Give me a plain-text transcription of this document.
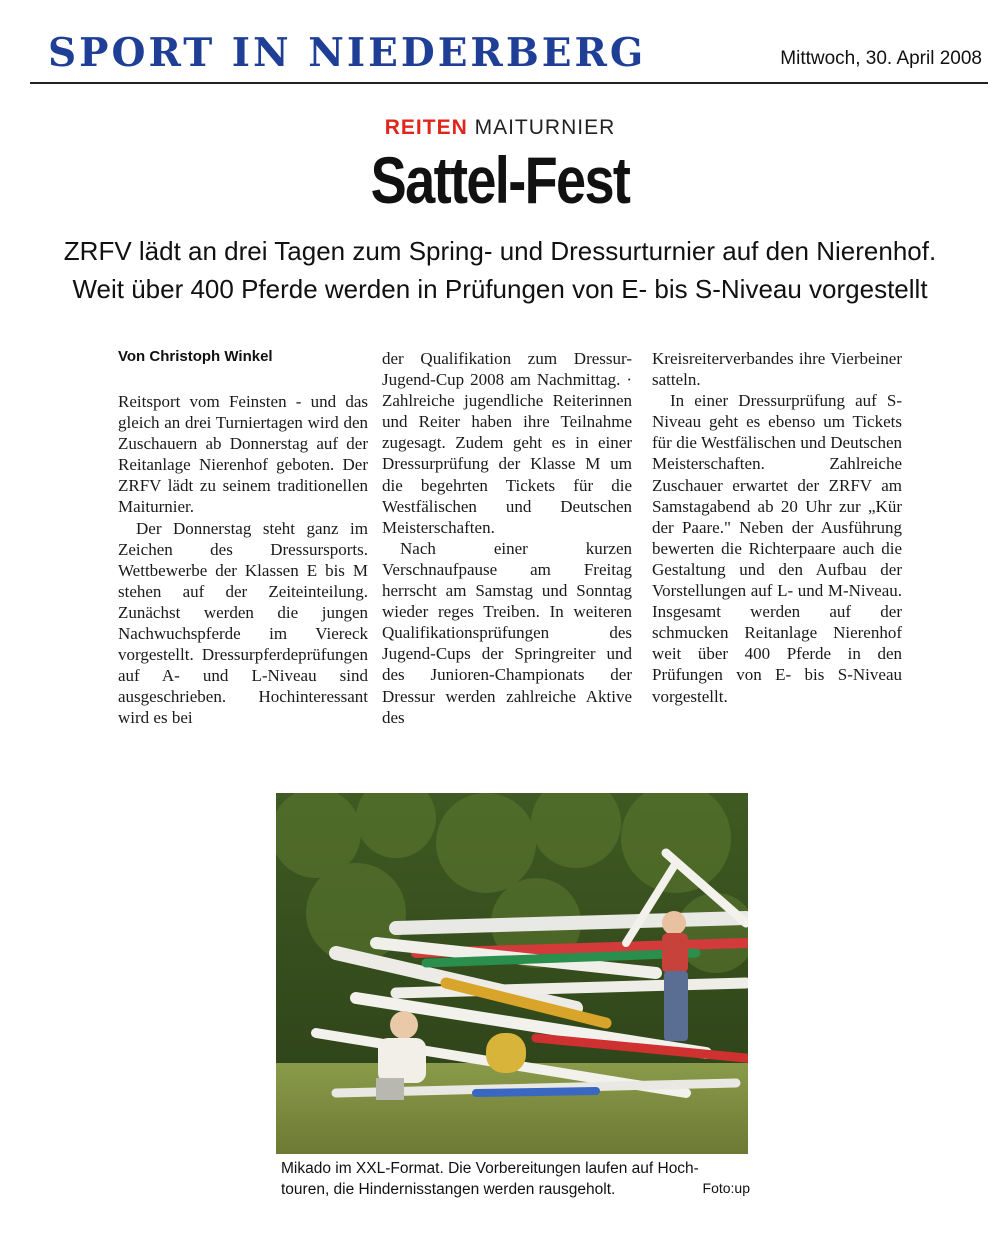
SPORT IN NIEDERBERG	Mittwoch, 30. April 2008
REITEN MAITURNIER
Sattel-Fest
ZRFV lädt an drei Tagen zum Spring- und Dressurturnier auf den Nierenhof.
Weit über 400 Pferde werden in Prüfungen von E- bis S-Niveau vorgestellt
Von Christoph Winkel

Reitsport vom Feinsten - und das gleich an drei Turniertagen wird den Zuschauern ab Donnerstag auf der Reitanlage Nierenhof geboten. Der ZRFV lädt zu seinem traditionellen Maiturnier.

Der Donnerstag steht ganz im Zeichen des Dressursports. Wettbewerbe der Klassen E bis M stehen auf der Zeiteinteilung. Zunächst werden die jungen Nachwuchspferde im Viereck vorgestellt. Dressurpferdeprüfungen auf A- und L-Niveau sind ausgeschrieben. Hochinteressant wird es bei

der Qualifikation zum Dressur-Jugend-Cup 2008 am Nachmittag. · Zahlreiche jugendliche Reiterinnen und Reiter haben ihre Teilnahme zugesagt. Zudem geht es in einer Dressurprüfung der Klasse M um die begehrten Tickets für die Westfälischen und Deutschen Meisterschaften.

Nach einer kurzen Verschnaufpause am Freitag herrscht am Samstag und Sonntag wieder reges Treiben. In weiteren Qualifikationsprüfungen des Jugend-Cups der Springreiter und des Junioren-Championats der Dressur werden zahlreiche Aktive des

Kreisreiterverbandes ihre Vierbeiner satteln.

In einer Dressurprüfung auf S-Niveau geht es ebenso um Tickets für die Westfälischen und Deutschen Meisterschaften. Zahlreiche Zuschauer erwartet der ZRFV am Samstagabend ab 20 Uhr zur „Kür der Paare." Neben der Ausführung bewerten die Richterpaare auch die Gestaltung und den Aufbau der Vorstellungen auf L- und M-Niveau. Insgesamt werden auf der schmucken Reitanlage Nierenhof weit über 400 Pferde in den Prüfungen von E- bis S-Niveau vorgestellt.

Mikado im XXL-Format. Die Vorbereitungen laufen auf Hoch-
touren, die Hindernisstangen werden rausgeholt.	Foto:up
